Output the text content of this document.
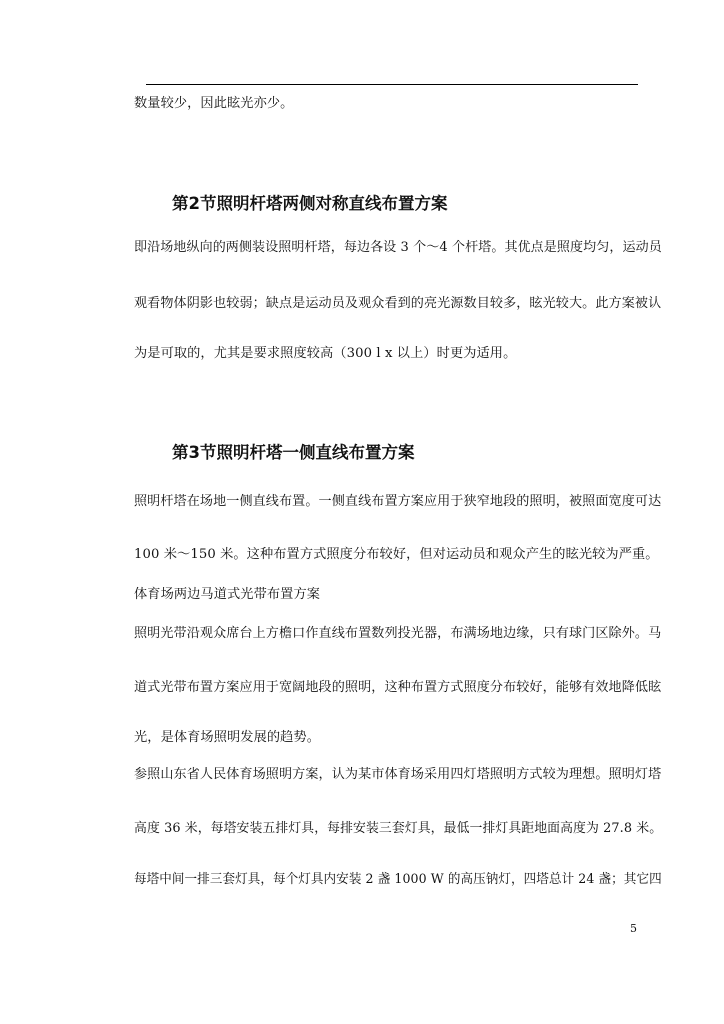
数量较少，因此眩光亦少。
第2节照明杆塔两侧对称直线布置方案
即沿场地纵向的两侧装设照明杆塔，每边各设 3 个～4 个杆塔。其优点是照度均匀，运动员
观看物体阴影也较弱；缺点是运动员及观众看到的亮光源数目较多，眩光较大。此方案被认
为是可取的，尤其是要求照度较高（300 l x 以上）时更为适用。
第3节照明杆塔一侧直线布置方案
照明杆塔在场地一侧直线布置。一侧直线布置方案应用于狭窄地段的照明，被照面宽度可达
100 米～150 米。这种布置方式照度分布较好，但对运动员和观众产生的眩光较为严重。
体育场两边马道式光带布置方案
照明光带沿观众席台上方檐口作直线布置数列投光器，布满场地边缘，只有球门区除外。马
道式光带布置方案应用于宽阔地段的照明，这种布置方式照度分布较好，能够有效地降低眩
光，是体育场照明发展的趋势。
参照山东省人民体育场照明方案，认为某市体育场采用四灯塔照明方式较为理想。照明灯塔
高度 36 米，每塔安装五排灯具，每排安装三套灯具，最低一排灯具距地面高度为 27.8 米。
每塔中间一排三套灯具，每个灯具内安装 2 盏 1000 W 的高压钠灯，四塔总计 24 盏；其它四
5
